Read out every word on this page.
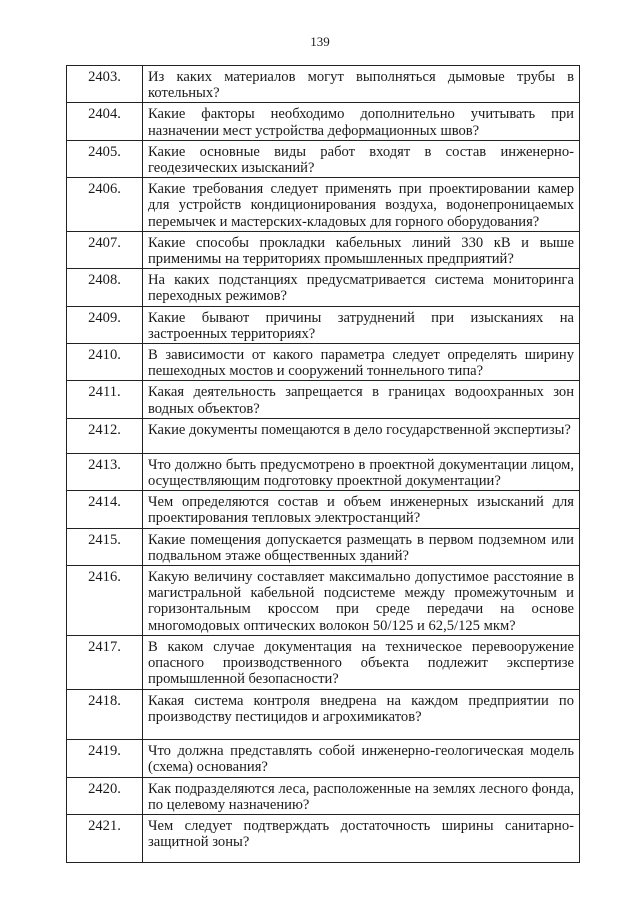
139
2403.	Из каких материалов могут выполняться дымовые трубы в котельных?

2404.	Какие факторы необходимо дополнительно учитывать при назначении мест устройства деформационных швов?

2405.	Какие основные виды работ входят в состав инженерно-геодезических изысканий?

2406.	Какие требования следует применять при проектировании камер для устройств кондиционирования воздуха, водонепроницаемых перемычек и мастерских-кладовых для горного оборудования?

2407.	Какие способы прокладки кабельных линий 330 кВ и выше применимы на территориях промышленных предприятий?

2408.	На каких подстанциях предусматривается система мониторинга переходных режимов?

2409.	Какие бывают причины затруднений при изысканиях на застроенных территориях?

2410.	В зависимости от какого параметра следует определять ширину пешеходных мостов и сооружений тоннельного типа?

2411.	Какая деятельность запрещается в границах водоохранных зон водных объектов?

2412.	Какие документы помещаются в дело государственной экспертизы?

2413.	Что должно быть предусмотрено в проектной документации лицом, осуществляющим подготовку проектной документации?

2414.	Чем определяются состав и объем инженерных изысканий для проектирования тепловых электростанций?

2415.	Какие помещения допускается размещать в первом подземном или подвальном этаже общественных зданий?

2416.	Какую величину составляет максимально допустимое расстояние в магистральной кабельной подсистеме между промежуточным и горизонтальным кроссом при среде передачи на основе многомодовых оптических волокон 50/125 и 62,5/125 мкм?

2417.	В каком случае документация на техническое перевооружение опасного производственного объекта подлежит экспертизе промышленной безопасности?

2418.	Какая система контроля внедрена на каждом предприятии по производству пестицидов и агрохимикатов?

2419.	Что должна представлять собой инженерно-геологическая модель (схема) основания?

2420.	Как подразделяются леса, расположенные на землях лесного фонда, по целевому назначению?

2421.	Чем следует подтверждать достаточность ширины санитарно-защитной зоны?
